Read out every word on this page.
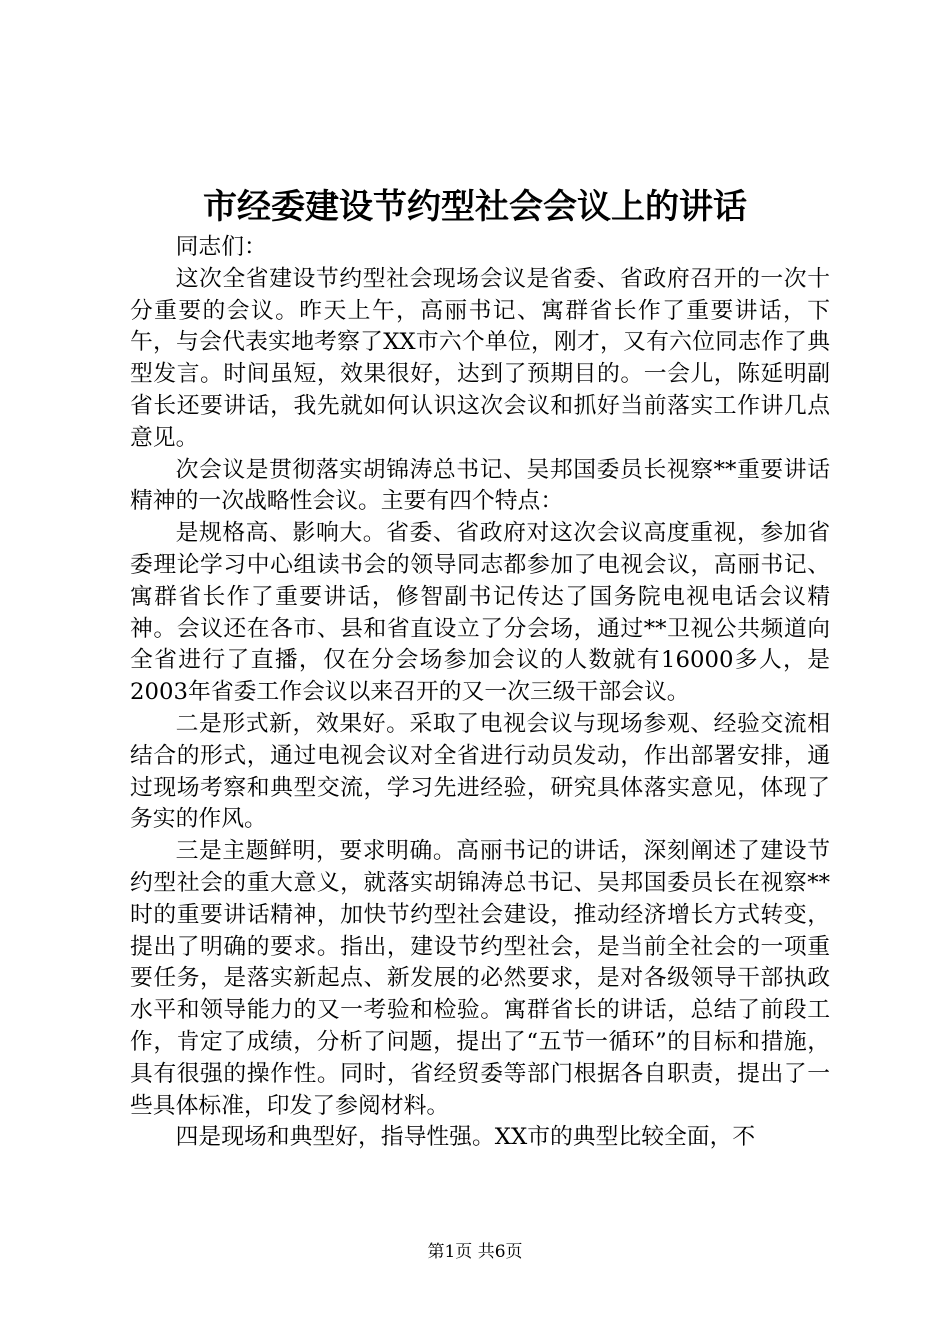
市经委建设节约型社会会议上的讲话

同志们：

这次全省建设节约型社会现场会议是省委、省政府召开的一次十分重要的会议。昨天上午，高丽书记、寓群省长作了重要讲话，下午，与会代表实地考察了XX市六个单位，刚才，又有六位同志作了典型发言。时间虽短，效果很好，达到了预期目的。一会儿，陈延明副省长还要讲话，我先就如何认识这次会议和抓好当前落实工作讲几点意见。

次会议是贯彻落实胡锦涛总书记、吴邦国委员长视察**重要讲话精神的一次战略性会议。主要有四个特点：

是规格高、影响大。省委、省政府对这次会议高度重视，参加省委理论学习中心组读书会的领导同志都参加了电视会议，高丽书记、寓群省长作了重要讲话，修智副书记传达了国务院电视电话会议精神。会议还在各市、县和省直设立了分会场，通过**卫视公共频道向全省进行了直播，仅在分会场参加会议的人数就有16000多人，是2003年省委工作会议以来召开的又一次三级干部会议。

二是形式新，效果好。采取了电视会议与现场参观、经验交流相结合的形式，通过电视会议对全省进行动员发动，作出部署安排，通过现场考察和典型交流，学习先进经验，研究具体落实意见，体现了务实的作风。

三是主题鲜明，要求明确。高丽书记的讲话，深刻阐述了建设节约型社会的重大意义，就落实胡锦涛总书记、吴邦国委员长在视察**时的重要讲话精神，加快节约型社会建设，推动经济增长方式转变，提出了明确的要求。指出，建设节约型社会，是当前全社会的一项重要任务，是落实新起点、新发展的必然要求，是对各级领导干部执政水平和领导能力的又一考验和检验。寓群省长的讲话，总结了前段工作，肯定了成绩，分析了问题，提出了“五节一循环”的目标和措施，具有很强的操作性。同时，省经贸委等部门根据各自职责，提出了一些具体标准，印发了参阅材料。

四是现场和典型好，指导性强。XX市的典型比较全面，不

第1页 共6页
